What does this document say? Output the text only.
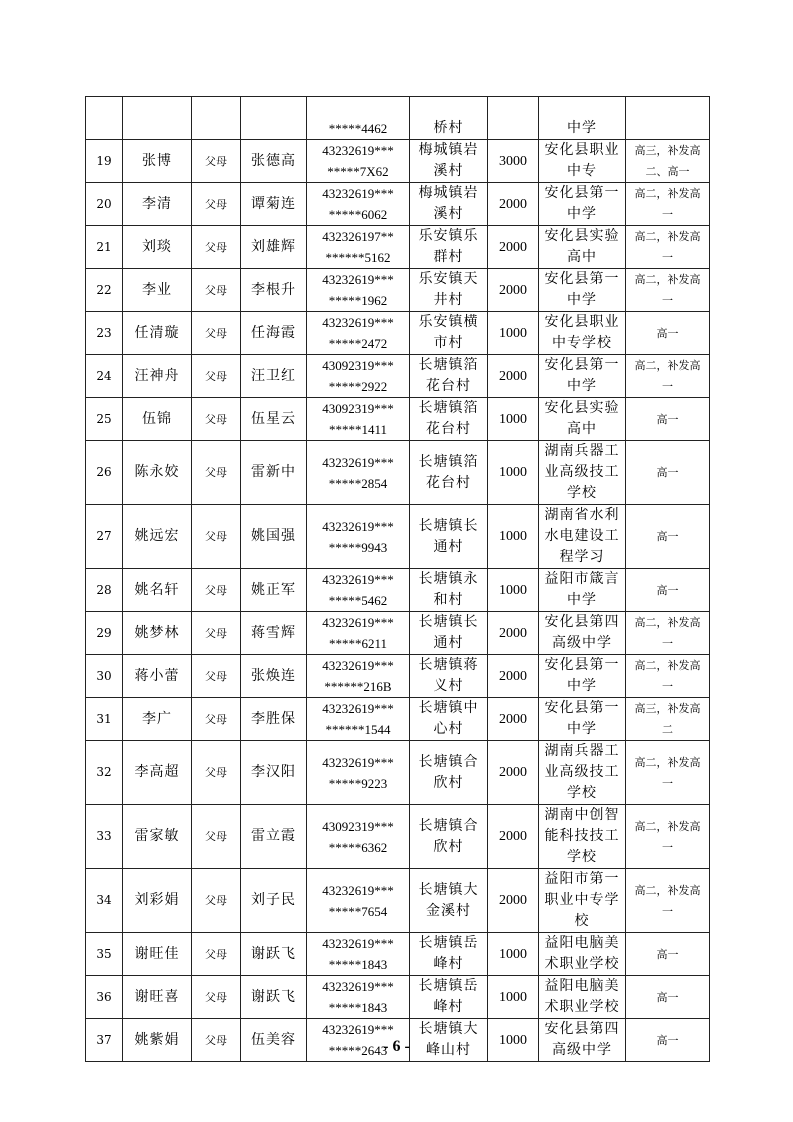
*****4462	桥村		中学	
19	张博	父母	张德高	43232619***
*****7X62	梅城镇岩
溪村	3000	安化县职业
中专	高三，补发高
二、高一
20	李清	父母	谭菊连	43232619***
*****6062	梅城镇岩
溪村	2000	安化县第一
中学	高二，补发高一
21	刘琰	父母	刘雄辉	432326197**
******5162	乐安镇乐
群村	2000	安化县实验
高中	高二，补发高一
22	李业	父母	李根升	43232619***
*****1962	乐安镇天
井村	2000	安化县第一
中学	高二，补发高一
23	任清璇	父母	任海霞	43232619***
*****2472	乐安镇横
市村	1000	安化县职业
中专学校	高一
24	汪神舟	父母	汪卫红	43092319***
*****2922	长塘镇箔
花台村	2000	安化县第一
中学	高二，补发高一
25	伍锦	父母	伍星云	43092319***
*****1411	长塘镇箔
花台村	1000	安化县实验
高中	高一
26	陈永姣	父母	雷新中	43232619***
*****2854	长塘镇箔
花台村	1000	湖南兵器工
业高级技工
学校	高一
27	姚远宏	父母	姚国强	43232619***
*****9943	长塘镇长
通村	1000	湖南省水利
水电建设工
程学习	高一
28	姚名轩	父母	姚正军	43232619***
*****5462	长塘镇永
和村	1000	益阳市箴言
中学	高一
29	姚梦林	父母	蒋雪辉	43232619***
*****6211	长塘镇长
通村	2000	安化县第四
高级中学	高二，补发高一
30	蒋小蕾	父母	张焕连	43232619***
******216B	长塘镇蒋
义村	2000	安化县第一
中学	高二，补发高一
31	李广	父母	李胜保	43232619***
******1544	长塘镇中
心村	2000	安化县第一
中学	高三，补发高二
32	李高超	父母	李汉阳	43232619***
*****9223	长塘镇合
欣村	2000	湖南兵器工
业高级技工
学校	高二，补发高一
33	雷家敏	父母	雷立霞	43092319***
*****6362	长塘镇合
欣村	2000	湖南中创智
能科技技工
学校	高二，补发高一
34	刘彩娟	父母	刘子民	43232619***
*****7654	长塘镇大
金溪村	2000	益阳市第一
职业中专学
校	高二，补发高一
35	谢旺佳	父母	谢跃飞	43232619***
*****1843	长塘镇岳
峰村	1000	益阳电脑美
术职业学校	高一
36	谢旺喜	父母	谢跃飞	43232619***
*****1843	长塘镇岳
峰村	1000	益阳电脑美
术职业学校	高一
37	姚紫娟	父母	伍美容	43232619***
*****2643	长塘镇大
峰山村	1000	安化县第四
高级中学	高一
- 6 -
